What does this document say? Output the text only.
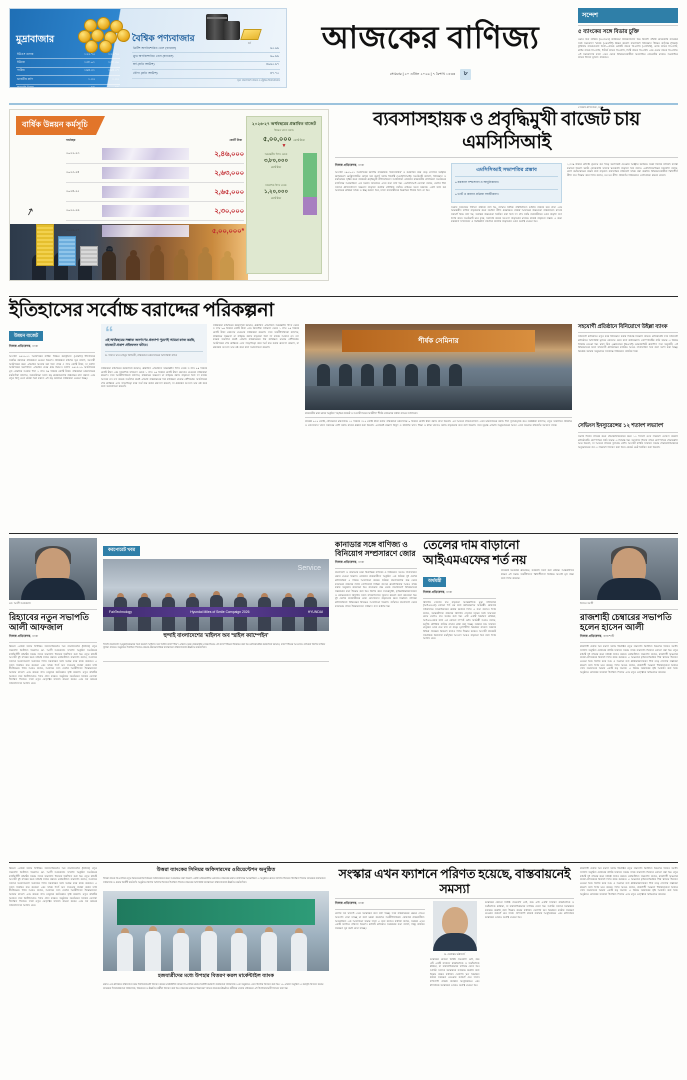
মুদ্রাবাজার	বৈশ্বিক পণ্যবাজার
স্বর্ণ
ইউএস ডলার	১২২.৭৫	১২২.৭৫
ইউরো	১৩৮.০১	১৩৮.৫০
পাউন্ড	১৬৪.৩১	১৬৪.৩৭
ভারতীয় রুপি	১.৩২	১.৩২
জাপানি ইয়েন	০.৭৭	০.৭৭
ব্রিটিশ অপরিশোধিত তেল (ব্যারেল)	৬৫.৯৬
ক্রুড অপরিশোধিত তেল (ব্যারেল)	৬০.৬৬
স্বর্ণ (প্রতি আউন্স)	৪৯৬৫.৬৭
রৌপ্য (প্রতি আউন্স)	৪৭.৭৫
সূত্র: বাংলাদেশ ব্যাংক ও ট্রেডিং ইকোনমিকস
আজকের বাণিজ্য
সোমবার | ২০ এপ্রিল ২০২৬ | ৭ বৈশাখ ১৪৩৩	৮
সন্দেশ
৫ ব্যাংকের সঙ্গে বিডার চুক্তি
ওয়ান স্টপ সার্ভিস (ওএসএস) প্ল্যাটফর্মে পরিষেবাদাতা হয়ে বিদেশি পাঁচটি বেসরকারি ব্যাংকের সঙ্গে সমঝোতা স্মারক (এমওইউ) স্বাক্ষর করেছে বাংলাদেশ বিনিয়োগ উন্নয়ন কর্তৃপক্ষ (বিডা)। চুক্তিবদ্ধ ব্যাংকগুলো হলো—ব্যাংক মেরিটি ব্যাংক পিএলসি (এসসিবি), ব্র্যাক ব্যাংক পিএলসি, প্রাইম ব্যাংক পিএলসি, ইস্টার্ন ব্যাংক পিএলসি, সিটি ব্যাংক পিএলসি এবং ওয়ান ব্যাংক পিএলসি। এই সমঝোতার ফলে এখন থেকে বিনিয়োগকারীরা অনলাইনে পেমেন্টের মাধ্যমে অনলাইনে ব্যাংক হিসাব খুলতে পারবেন।
• নিজস্ব প্রতিবেদক, ঢাকা
বার্ষিক উন্নয়ন কর্মসূচি
↗
অর্থবছর	কোটি টাকা
২০২২-২৩	২,৪৬,০০০
২০২৩-২৪	২,৬৩,০০০
২০২৪-২৫	২,৬৫,০০০
২০২৫-২৬	২,৩০,০০০
২০২৬-২৭	৫,০০,০০০*
* প্রস্তাবিত
২০২৬-২৭ অর্থবছরের প্রস্তাবিত বাজেট
উন্নয়ন খাতে বরাদ্দ
৫,০০,০০০ কোটি টাকা
▼
অভ্যন্তরীণ উৎস থেকে
৩,৮০,০০০
কোটি টাকা
বৈদেশিক উৎস থেকে
১,২০,০০০
কোটি টাকা
ব্যবসাসহায়ক ও প্রবৃদ্ধিমুখী বাজেট চায় এমসিসিআই
নিজস্ব প্রতিবেদক, ঢাকা
আগামী ২০২৬-২৭ অর্থবছরের জাতীয় বাজেটকে 'ব্যবসাবান্ধব' ও করবান্ধব করে গড়ে তোলার আহ্বান জানিয়েছে মেট্রোপলিটন চেম্বার অব কমার্স অ্যান্ড ইন্ডাস্ট্রি (এমসিসিআই)। সংগঠনটি বলেছে, বিনিয়োগ ও কর্মসংস্থান সৃষ্টির জন্য বাজেটে প্রবৃদ্ধিমুখী নীতিসহায়তা অপরিহার্য। রোববার রাজধানীর মতিঝিলে সংগঠনের কার্যালয়ে আয়োজিত এক সংবাদ সম্মেলনে এসব কথা বলা হয়। এমসিসিআই নেতারা বলেন, দেশের শিল্প খাতের প্রতিযোগিতা সক্ষমতা বাড়াতে করহার যৌক্তিক পর্যায়ে নামিয়ে আনা দরকার। একই সঙ্গে কর আদায়ের প্রক্রিয়া সহজ ও স্বচ্ছ করতে হবে, যাতে ব্যবসায়ীদের হয়রানির শিকার হতে না হয়।
এমসিসিআই সভাপতির প্রস্তাব
» করজাল সম্প্রসারণ ও আধুনিকায়ন।
» ভ্যাট ও করদান প্রক্রিয়া সহজীকরণ।
সংবাদ সম্মেলনে লিখিত বক্তব্যে বলা হয়, বর্তমান বৈশ্বিক পরিস্থিতিতে রপ্তানি বাজার ধরে রাখা এবং অভ্যন্তরীণ চাহিদা বাড়ানোর জন্য সমন্বিত নীতি প্রয়োজন। রাজস্ব আদায়ের লক্ষ্যমাত্রা বাস্তবসম্মত রাখার পরামর্শ দিয়ে বলা হয়, অবাস্তব লক্ষ্যমাত্রা নির্ধারণ করা হলে তা শেষ পর্যন্ত ব্যবসায়ীদের ওপর বাড়তি চাপ তৈরি করে। সংগঠনটি মনে করে, সরাসরি করের আওতা বাড়ানোর মাধ্যমে রাজস্ব বাড়ানো সম্ভব। এ জন্য করজাল সম্প্রসারণ ও ডিজিটাল পদ্ধতির ব্যবহার বাড়ানোর ওপর গুরুত্ব দেওয়া হয়।
১,৫৫০ টাকার প্রতিটি ন্যূনতম কর ছাড়ে সংশোধনী দেওয়ার আহ্বান জানিয়ে সংস্থা বিলের দাবিসহ ব্যবস্থা কমানো হয়েছে ভ্যাট। বেসরকারি খাতের ঋণপ্রবাহ বাড়াতে হবে বলেও এমসিসিআইয়ের সভাপতি বলেন, দেশে কর্মসংস্থানের কর্মের ধারা বাড়াতে ব্যবসায়িক পরিবেশে সহজ করা জরুরি। বিনিয়োগকারীরা স্থিতিশীল নীতি চান উল্লেখ করে তিনি বলেন, ঘন ঘন নীতি পরিবর্তন বিনিয়োগে নেতিবাচক প্রভাব ফেলে।
ইতিহাসের সর্বোচ্চ বরাদ্দের পরিকল্পনা
উন্নয়ন বাজেট
নিজস্ব প্রতিবেদক, ঢাকা
আগামী ২০২৬-২৭ অর্থবছরের বার্ষিক উন্নয়ন কর্মসূচিতে (এডিপি) ইতিহাসের সর্বোচ্চ বরাদ্দের পরিকল্পনা নেওয়া হয়েছে। পরিকল্পনা কমিশন সূত্র বলছে, আগামী অর্থবছরের জন্য এডিপির আকার ধরা হতে পারে ৫ লাখ কোটি টাকা, যা চলতি অর্থবছরের সংশোধিত এডিপির চেয়ে প্রায় দ্বিগুণ। চলতি ২০২৫-২৬ অর্থবছরের মূল এডিপির আকার ছিল ২ লাখ ৩০ হাজার কোটি টাকা। পরিকল্পনা মন্ত্রণালয়ের কর্মকর্তারা বলছেন, অবকাঠামো খাতে বড় প্রকল্পগুলোর বাস্তবায়ন দ্রুত করতে এবং নতুন কিছু মেগা প্রকল্প শুরু করতে এই বড় বরাদ্দের পরিকল্পনা নেওয়া হচ্ছে।
“
এই অর্থবছরের সম্ভাব্য জনগণের প্রত্যাশা পূরণেই আমরা কাজ করছি, বাজেটে প্রকাশ প্রতিফলন ঘটবে।
ড. হাসান খান মাহমুদ সিদ্দিকী, পরিকল্পনা মন্ত্রণালয়ের অতিরিক্ত সচিব
পরিকল্পনা কমিশনের কর্মকর্তারা জানান, প্রস্তাবিত এডিপিতে অভ্যন্তরীণ উৎস থেকে ৩ লাখ ৮০ হাজার কোটি টাকা এবং বৈদেশিক সহায়তা থেকে ১ লাখ ২০ হাজার কোটি টাকা জোগান দেওয়ার পরিকল্পনা রয়েছে। তবে অর্থনীতিবিদরা বলছেন, বাস্তবায়ন সক্ষমতা না বাড়িয়ে বরাদ্দ বাড়ানো হলে তা কাজে আসবে না। গত কয়েক অর্থবছর ধরেই এডিপি বাস্তবায়নের হার কাঙ্ক্ষিত মাত্রায় পৌঁছায়নি। অর্থবছরের শেষ প্রান্তিকে এসে তাড়াহুড়ো করে অর্থ ব্যয় করার প্রবণতা রয়েছে, যা প্রকল্পের গুণগত মান নষ্ট করে বলে সমালোচনা রয়েছে।
পরিকল্পনা কমিশনের কর্মকর্তারা জানান, প্রস্তাবিত এডিপিতে অভ্যন্তরীণ উৎস থেকে ৩ লাখ ৮০ হাজার কোটি টাকা এবং বৈদেশিক সহায়তা থেকে ১ লাখ ২০ হাজার কোটি টাকা জোগান দেওয়ার পরিকল্পনা রয়েছে। তবে অর্থনীতিবিদরা বলছেন, বাস্তবায়ন সক্ষমতা না বাড়িয়ে বরাদ্দ বাড়ানো হলে তা কাজে আসবে না। গত কয়েক অর্থবছর ধরেই এডিপি বাস্তবায়নের হার কাঙ্ক্ষিত মাত্রায় পৌঁছায়নি। অর্থবছরের শেষ প্রান্তিকে এসে তাড়াহুড়ো করে অর্থ ব্যয় করার প্রবণতা রয়েছে, যা প্রকল্পের গুণগত মান নষ্ট করে বলে সমালোচনা রয়েছে।
শীর্ষক সেমিনার
রাজধানীর ঢাকা ক্লাবে অনুষ্ঠিত 'সমৃদ্ধির বাজেট ও আগামী দিনের অর্থনীতি' শীর্ষক সেমিনারে বক্তব্য রাখেন অতিথিরা।
বাজেট ৯১৬ কোটি, যৌথভাবে মন্ত্রণালয়ে ২১ হাজার ৫১৬ কোটি টাকা বরাদ্দ পরিকল্পনা মন্ত্রণালয়ে ৯ হাজার কোটি টাকা বরাদ্দ রাখা হয়েছে। এর আগের বছরগুলোতে এসব মন্ত্রণালয়ের বরাদ্দ ছিল তুলনামূলক কম। সংশ্লিষ্টরা বলছেন, নতুন অর্থবছরে পরিবহন ও যোগাযোগ খাতে সবচেয়ে বেশি বরাদ্দ রাখার প্রস্তাব করা হয়েছে। এরপরেই রয়েছে বিদ্যুৎ ও জ্বালানি খাত। শিক্ষা ও স্বাস্থ্য খাতেও বরাদ্দ বাড়ানোর কথা বলা হয়েছে। তবে চূড়ান্ত এডিপি অনুমোদনের আগে এসব সংখ্যায় পরিবর্তন আসতে পারে।
সহযোগী প্রতিষ্ঠানে বিনিয়োগে উইল্লা ব্যাংক
সহযোগী প্রতিষ্ঠানে নতুন করে বিনিয়োগ করার সিদ্ধান্ত নিয়েছে ব্যাংক। প্রতিষ্ঠানটি তার সহযোগী প্রতিষ্ঠানে অতিরিক্ত মূলধন জোগান দেবে বলে জানিয়েছে। কোম্পানিটির পর্ষদ সভায় এ বিষয়ে সিদ্ধান্ত নেওয়া হয়। ঢাকা স্টক এক্সচেঞ্জের (ডিএসই) ওয়েবসাইটে প্রকাশিত তথ্য অনুযায়ী, এই বিনিয়োগের ফলে সহযোগী প্রতিষ্ঠানের কার্যক্রম আরও সম্প্রসারিত হবে বলে আশা করা হচ্ছে। নিয়ন্ত্রক সংস্থার অনুমোদন সাপেক্ষে বিনিয়োগ কার্যকর হবে।
সেভিংস ইনস্যুরেন্সের ১২ শতাংশ লভ্যাংশ
সমাপ্ত হিসাব বছরের জন্য শেয়ারহোল্ডারদের জন্য ১২ শতাংশ নগদ লভ্যাংশ ঘোষণা করেছে প্রতিষ্ঠানটি। কোম্পানির পর্ষদ সভায় এ সিদ্ধান্ত হয়। আলোচ্য হিসাব বছরে কোম্পানির শেয়ারপ্রতি আয় হয়েছে, যা আগের বছরের তুলনায় বেশি। আগামী বার্ষিক সাধারণ সভায় শেয়ারহোল্ডারদের অনুমোদনের পর এ লভ্যাংশ বিতরণ করা হবে। রেকর্ড ডেট নির্ধারণ করা হয়েছে।
মো. আলী আফজাল
রিহ্যাবের নতুন সভাপতি আলী আফজাল
নিজস্ব প্রতিবেদক, ঢাকা
রিয়েল এস্টেট অ্যান্ড হাউজিং অ্যাসোসিয়েশন অব বাংলাদেশের (রিহ্যাব) নতুন সভাপতি নির্বাচিত হয়েছেন মো. আলী আফজাল। সম্প্রতি অনুষ্ঠিত সংগঠনের কার্যনির্বাহী কমিটির সভায় তাকে সভাপতি হিসেবে নির্বাচিত করা হয়। নতুন কমিটি আগামী দুই বছরের জন্য দায়িত্ব পালন করবে। নবনির্বাচিত সভাপতি বলেন, আবাসন খাতের সমস্যাগুলো সমাধানে তিনি সরকারের সঙ্গে সমন্বয় করে কাজ করবেন। এ খাতে নিবন্ধন ব্যয় কমানো এবং সহজ শর্তে ঋণ পাওয়ার ব্যবস্থা করার দাবি দীর্ঘদিনের। তিনি আরও বলেন, আবাসন খাত দেশের অর্থনীতিতে উল্লেখযোগ্য অবদান রাখছে এবং কয়েক লাখ মানুষের কর্মসংস্থান সৃষ্টি করেছে। নতুন কমিটির অন্যান্য পদে নির্বাচিতরাও শপথ গ্রহণ করেন। অনুষ্ঠানে সংগঠনের সাবেক নেতারা উপস্থিত ছিলেন। তারা নতুন নেতৃত্বের সাফল্য কামনা করেন এবং সব ধরনের সহযোগিতার আশ্বাস দেন।
করপোরেট খবর
Service
FairTechnology	Hyundai Miles of Smile Campaign 2026	HYUNDAI
হুন্দাই বাংলাদেশের 'মাইলস অব স্মাইল ক্যাম্পেইন'
হুন্দাই বাংলাদেশ আনুষ্ঠানিকভাবে শুরু করেছে 'মাইলস অব স্মাইল ক্যাম্পেইন'। এপ্রিল থেকে রাজধানীর তেজগাঁওয়ে এই ক্যাম্পেইনের উদ্বোধন করা হয়। প্রতিষ্ঠানটির কর্মকর্তারা জানান, ক্যাম্পেইনের আওতায় গ্রাহকরা বিশেষ সার্ভিস সুবিধা পাবেন। অনুষ্ঠানে উপস্থিত ছিলেন ফেয়ার টেকনোলজির ব্যবস্থাপনা পরিচালকসহ ঊর্ধ্বতন কর্মকর্তারা।
কানাডার সঙ্গে বাণিজ্য ও বিনিয়োগ সম্প্রসারণে জোর
নিজস্ব প্রতিবেদক, ঢাকা
বাংলাদেশ ও কানাডার মধ্যে দ্বিপাক্ষিক বাণিজ্য ও বিনিয়োগ আরও সম্প্রসারণে জোর দেওয়া হয়েছে। রোববার রাজধানীতে অনুষ্ঠিত এক বৈঠকে দুই দেশের প্রতিনিধিরা এ বিষয়ে আলোচনা করেন। বৈঠকে বাংলাদেশের পক্ষ থেকে কানাডার বাজারে তৈরি পোশাকসহ বিভিন্ন পণ্যের প্রবেশাধিকার আরও সহজ করার অনুরোধ জানানো হয়। কানাডার পক্ষ থেকে বাংলাদেশে বিনিয়োগের সম্ভাবনার কথা উল্লেখ করা হয়। বিশেষ করে তথ্যপ্রযুক্তি, কৃষিপ্রক্রিয়াজাতকরণ ও নবায়নযোগ্য জ্বালানি খাতে সহযোগিতার সুযোগ রয়েছে বলে জানানো হয়। দুই দেশের ব্যবসায়ীদের মধ্যে যোগাযোগ বাড়ানোর জন্য নিয়মিত বাণিজ্য প্রতিনিধিদল বিনিময়ের বিষয়েও আলোচনা হয়েছে। বর্তমানে বাংলাদেশ থেকে কানাডায় বছরে উল্লেখযোগ্য পরিমাণ পণ্য রপ্তানি হয়।
তেলের দাম বাড়ানো আইএমএফের শর্ত নয়
অর্থমন্ত্রী
নিজস্ব প্রতিবেদক, ঢাকা
জ্বালানি তেলের দাম বাড়ানো আন্তর্জাতিক মুদ্রা তহবিলের (আইএমএফ) কোনো শর্ত নয় বলে জানিয়েছেন অর্থমন্ত্রী। রোববার সচিবালয়ে সাংবাদিকদের প্রশ্নের জবাবে তিনি এ কথা বলেন। তিনি বলেন, আন্তর্জাতিক বাজারে জ্বালানি তেলের দামের সঙ্গে সামঞ্জস্য রেখে দেশেও দাম সমন্বয় করা হয়। এটি একটি নিয়মিত প্রক্রিয়া, আইএমএফের সঙ্গে এর কোনো সম্পর্ক নেই। অর্থমন্ত্রী আরও বলেন, ভর্তুকি যৌক্তিক পর্যায়ে রাখার চেষ্টা করা হচ্ছে। সরকার চায় সাধারণ মানুষের ওপর যেন চাপ না পড়ে। মূল্যস্ফীতি নিয়ন্ত্রণে রাখতে সরকার বিভিন্ন পদক্ষেপ নিয়েছে বলেও তিনি উল্লেখ করেন। আগামী বাজেটে সামাজিক নিরাপত্তা কর্মসূচির আওতা আরও বাড়ানো হবে বলে তিনি আশ্বাস দেন।
বাজেটে সংকটের প্রয়োজন, সরবরাহ সচল করা চেষ্টায়। আন্তর্জাতিক শ্রমের এই সময়ে অর্থনীতিতে স্থিতিশীলতা ফিরিয়ে আনাই মূল লক্ষ্য বলে তিনি জানান।
হাসেন আলী
রাজশাহী চেম্বারের সভাপতি হলেন হাসেন আলী
নিজস্ব প্রতিবেদক, রাজশাহী
রাজশাহী চেম্বার অব কমার্স অ্যান্ড ইন্ডাস্ট্রির নতুন সভাপতি নির্বাচিত হয়েছেন হাসেন আলী। সম্প্রতি অনুষ্ঠিত চেম্বারের বার্ষিক সাধারণ সভায় তাকে সভাপতি হিসেবে ঘোষণা করা হয়। নতুন কমিটি দুই বছরের জন্য দায়িত্ব পালন করবে। নবনির্বাচিত সভাপতি বলেন, রাজশাহী অঞ্চলের ব্যবসা-বাণিজ্যের বিকাশে তিনি কাজ করবেন। এ অঞ্চলের কৃষিপণ্যভিত্তিক শিল্প স্থাপনে উদ্যোগ নেওয়া হবে। বিশেষ করে আম ও অন্যান্য ফল প্রক্রিয়াজাতকরণ শিল্প গড়ে তোলার সম্ভাবনা রয়েছে বলে তিনি মনে করেন। তিনি আরও বলেন, রাজশাহী অঞ্চলে শিল্পকারখানা স্থাপনে গ্যাস সংযোগের অভাব একটি বড় সমস্যা। এ বিষয়ে সরকারের দৃষ্টি আকর্ষণ করা হবে। অনুষ্ঠানে চেম্বারের সদস্যরা উপস্থিত ছিলেন এবং নতুন নেতৃত্বকে অভিনন্দন জানান।
রিয়েল এস্টেট অ্যান্ড হাউজিং অ্যাসোসিয়েশন অব বাংলাদেশের (রিহ্যাব) নতুন সভাপতি নির্বাচিত হয়েছেন মো. আলী আফজাল। সম্প্রতি অনুষ্ঠিত সংগঠনের কার্যনির্বাহী কমিটির সভায় তাকে সভাপতি হিসেবে নির্বাচিত করা হয়। নতুন কমিটি আগামী দুই বছরের জন্য দায়িত্ব পালন করবে। নবনির্বাচিত সভাপতি বলেন, আবাসন খাতের সমস্যাগুলো সমাধানে তিনি সরকারের সঙ্গে সমন্বয় করে কাজ করবেন। এ খাতে নিবন্ধন ব্যয় কমানো এবং সহজ শর্তে ঋণ পাওয়ার ব্যবস্থা করার দাবি দীর্ঘদিনের। তিনি আরও বলেন, আবাসন খাত দেশের অর্থনীতিতে উল্লেখযোগ্য অবদান রাখছে এবং কয়েক লাখ মানুষের কর্মসংস্থান সৃষ্টি করেছে। নতুন কমিটির অন্যান্য পদে নির্বাচিতরাও শপথ গ্রহণ করেন। অনুষ্ঠানে সংগঠনের সাবেক নেতারা উপস্থিত ছিলেন। তারা নতুন নেতৃত্বের সাফল্য কামনা করেন এবং সব ধরনের সহযোগিতার আশ্বাস দেন।
উত্তরা ব্যাংকের সিনিয়র অফিসারদের ওরিয়েন্টেশন অনুষ্ঠিত
উত্তরা ব্যাংক পিএলসির নতুন নিয়োগপ্রাপ্ত সিনিয়র অফিসারদের জন্য আয়োজন করা হয়েছে একটি ওরিয়েন্টেশন প্রোগ্রাম। ব্যাংকের প্রধান কার্যালয়ে আয়োজিত এ অনুষ্ঠানে প্রধান অতিথি হিসেবে উপস্থিত ছিলেন ব্যাংকের ব্যবস্থাপনা পরিচালক ও প্রধান নির্বাহী কর্মকর্তা। অনুষ্ঠানে বিশেষ অতিথি হিসেবে উপস্থিত ছিলেন ব্যাংকের অতিরিক্ত ব্যবস্থাপনা পরিচালকসহ ঊর্ধ্বতন কর্মকর্তারা।
হজযাত্রীদের মধ্যে উপহার বিতরণ করল মার্কেন্টাইল ব্যাংক
প্রধান এক প্রতিষ্ঠান পরিচালনা বরং উপহারসামগ্রী বিতরণ করেন মার্কেন্টাইল ব্যাংক পিএলসির প্রধান নির্বাহী কর্মকর্তা ব্যবস্থাপনা পরিচালক। এক অনুষ্ঠানে এসব উপহার বিতরণ করা হয়। ১৮ এপ্রিল অনুষ্ঠিত এ কর্মসূচি বিতরণ করেন ব্যাংকের উপব্যবস্থাপনা পরিচালক, বিভাগের ও ঊর্ধ্বতন কর্মীরা বিতরণ করা হয়। ব্যাংকের প্রধানে 'হজযাত্রা' ব্যাংক ব্যাংকের ঊর্ধ্বতন কর্মীদের সেবার সৌজন্যে এই উপহারসামগ্রী বিতরণ করা হয়।
সংস্কার এখন ফ্যাশনে পরিণত হয়েছে, বাস্তবায়নেই সমস্যা
নিজস্ব প্রতিবেদক, ঢাকা
দেশের সব খাতেই এখন সংস্কারের কথা বলা হচ্ছে। তবে বাস্তবায়নের ক্ষেত্রে তেমন অগ্রগতি দেখা যাচ্ছে না বলে মন্তব্য করেছেন অর্থনীতিবিদরা। রোববার রাজধানীতে আয়োজিত এক আলোচনা সভায় তারা এ কথা বলেন। বক্তারা বলেন, সংস্কার এখন একটি ফ্যাশনে পরিণত হয়েছে। প্রতিটি প্রতিষ্ঠান সংস্কারের কথা বলছে, কিন্তু কার্যকর পদক্ষেপ খুব কমই দেখা যাচ্ছে।
ড. দেবপ্রিয় ভট্টাচার্য
সংস্কারের কোনো নির্দিষ্ট পথনকশা নেই, বরং এটি একটি সাধারণ রাজনৈতিক ও অর্থনৈতিক প্রক্রিয়া, যা ধারাবাহিকভাবে চালিয়ে যেতে হয়। আর্থিক খাতের সংস্কারকে সবচেয়ে জরুরি বলে উল্লেখ করেন বক্তারা। খেলাপি ঋণ নিয়ন্ত্রণে কঠোর পদক্ষেপ নেওয়ার পরামর্শ দেন তারা। পাশাপাশি রাজস্ব ব্যবস্থার আধুনিকায়ন এবং প্রশাসনিক সংস্কারের ওপরও গুরুত্ব দেওয়া হয়।
সংস্কারের কোনো নির্দিষ্ট পথনকশা নেই, বরং এটি একটি সাধারণ রাজনৈতিক ও অর্থনৈতিক প্রক্রিয়া, যা ধারাবাহিকভাবে চালিয়ে যেতে হয়। আর্থিক খাতের সংস্কারকে সবচেয়ে জরুরি বলে উল্লেখ করেন বক্তারা। খেলাপি ঋণ নিয়ন্ত্রণে কঠোর পদক্ষেপ নেওয়ার পরামর্শ দেন তারা। পাশাপাশি রাজস্ব ব্যবস্থার আধুনিকায়ন এবং প্রশাসনিক সংস্কারের ওপরও গুরুত্ব দেওয়া হয়।
রাজশাহী চেম্বার অব কমার্স অ্যান্ড ইন্ডাস্ট্রির নতুন সভাপতি নির্বাচিত হয়েছেন হাসেন আলী। সম্প্রতি অনুষ্ঠিত চেম্বারের বার্ষিক সাধারণ সভায় তাকে সভাপতি হিসেবে ঘোষণা করা হয়। নতুন কমিটি দুই বছরের জন্য দায়িত্ব পালন করবে। নবনির্বাচিত সভাপতি বলেন, রাজশাহী অঞ্চলের ব্যবসা-বাণিজ্যের বিকাশে তিনি কাজ করবেন। এ অঞ্চলের কৃষিপণ্যভিত্তিক শিল্প স্থাপনে উদ্যোগ নেওয়া হবে। বিশেষ করে আম ও অন্যান্য ফল প্রক্রিয়াজাতকরণ শিল্প গড়ে তোলার সম্ভাবনা রয়েছে বলে তিনি মনে করেন। তিনি আরও বলেন, রাজশাহী অঞ্চলে শিল্পকারখানা স্থাপনে গ্যাস সংযোগের অভাব একটি বড় সমস্যা। এ বিষয়ে সরকারের দৃষ্টি আকর্ষণ করা হবে। অনুষ্ঠানে চেম্বারের সদস্যরা উপস্থিত ছিলেন এবং নতুন নেতৃত্বকে অভিনন্দন জানান।
